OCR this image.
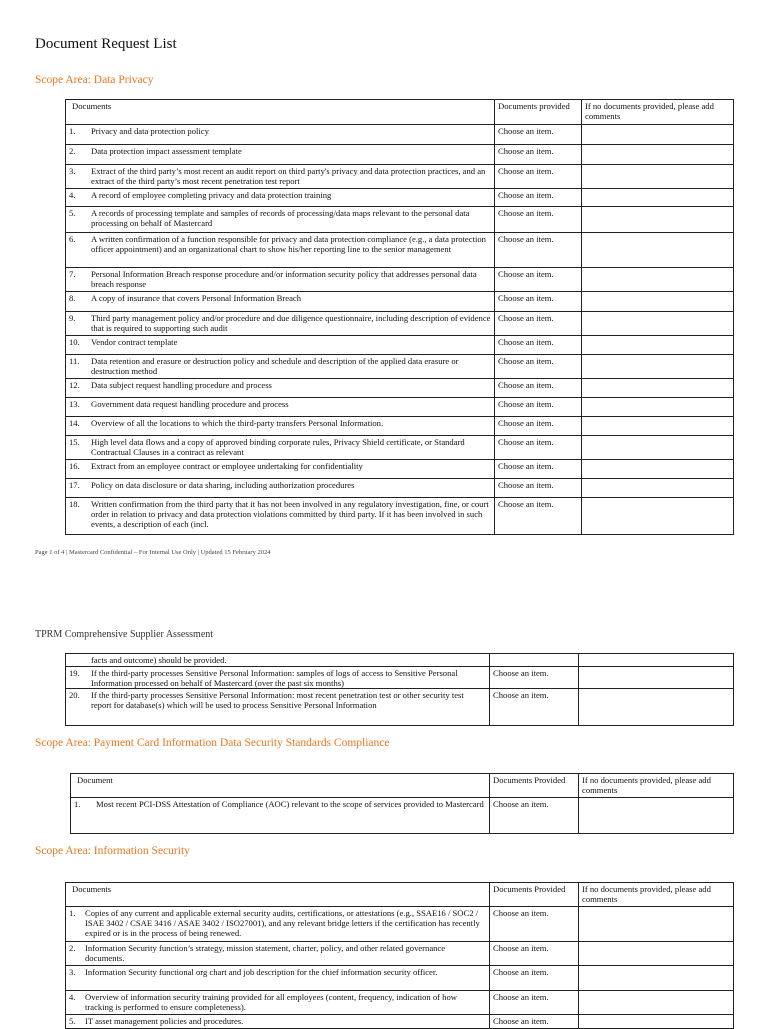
Document Request List
Scope Area: Data Privacy
Documents	Documents provided	If no documents provided, please add comments

1. Privacy and data protection policy	Choose an item.	

2. Data protection impact assessment template	Choose an item.	

3. Extract of the third party’s most recent an audit report on third party's privacy and data protection practices, and an extract of the third party’s most recent penetration test report	Choose an item.	

4. A record of employee completing privacy and data protection training	Choose an item.	

5. A records of processing template and samples of records of processing/data maps relevant to the personal data processing on behalf of Mastercard	Choose an item.	

6. A written confirmation of a function responsible for privacy and data protection compliance (e.g., a data protection officer appointment) and an organizational chart to show his/her reporting line to the senior management	Choose an item.	

7. Personal Information Breach response procedure and/or information security policy that addresses personal data breach response	Choose an item.	

8. A copy of insurance that covers Personal Information Breach	Choose an item.	

9. Third party management policy and/or procedure and due diligence questionnaire, including description of evidence that is required to supporting such audit	Choose an item.	

10. Vendor contract template	Choose an item.	

11. Data retention and erasure or destruction policy and schedule and description of the applied data erasure or destruction method	Choose an item.	

12. Data subject request handling procedure and process	Choose an item.	

13. Government data request handling procedure and process	Choose an item.	

14. Overview of all the locations to which the third-party transfers Personal Information.	Choose an item.	

15. High level data flows and a copy of approved binding corporate rules, Privacy Shield certificate, or Standard Contractual Clauses in a contract as relevant	Choose an item.	

16. Extract from an employee contract or employee undertaking for confidentiality	Choose an item.	

17. Policy on data disclosure or data sharing, including authorization procedures	Choose an item.	

18. Written confirmation from the third party that it has not been involved in any regulatory investigation, fine, or court order in relation to privacy and data protection violations committed by third party. If it has been involved in such events, a description of each (incl.	Choose an item.	
Page 1 of 4 | Mastercard Confidential – For Internal Use Only | Updated 15 February 2024
TPRM Comprehensive Supplier Assessment
facts and outcome) should be provided.		

19. If the third-party processes Sensitive Personal Information: samples of logs of access to Sensitive Personal Information processed on behalf of Mastercard (over the past six months)	Choose an item.	

20. If the third-party processes Sensitive Personal Information: most recent penetration test or other security test report for database(s) which will be used to process Sensitive Personal Information	Choose an item.	
Scope Area: Payment Card Information Data Security Standards Compliance
Document	Documents Provided	If no documents provided, please add comments

1. Most recent PCI-DSS Attestation of Compliance (AOC) relevant to the scope of services provided to Mastercard	Choose an item.	
Scope Area: Information Security
Documents	Documents Provided	If no documents provided, please add comments

1. Copies of any current and applicable external security audits, certifications, or attestations (e.g., SSAE16 / SOC2 / ISAE 3402 / CSAE 3416 / ASAE 3402 / ISO27001), and any relevant bridge letters if the certification has recently expired or is in the process of being renewed.	Choose an item.	

2. Information Security function’s strategy, mission statement, charter, policy, and other related governance documents.	Choose an item.	

3. Information Security functional org chart and job description for the chief information security officer.	Choose an item.	

4. Overview of information security training provided for all employees (content, frequency, indication of how tracking is performed to ensure completeness).	Choose an item.	

5. IT asset management policies and procedures.	Choose an item.	
